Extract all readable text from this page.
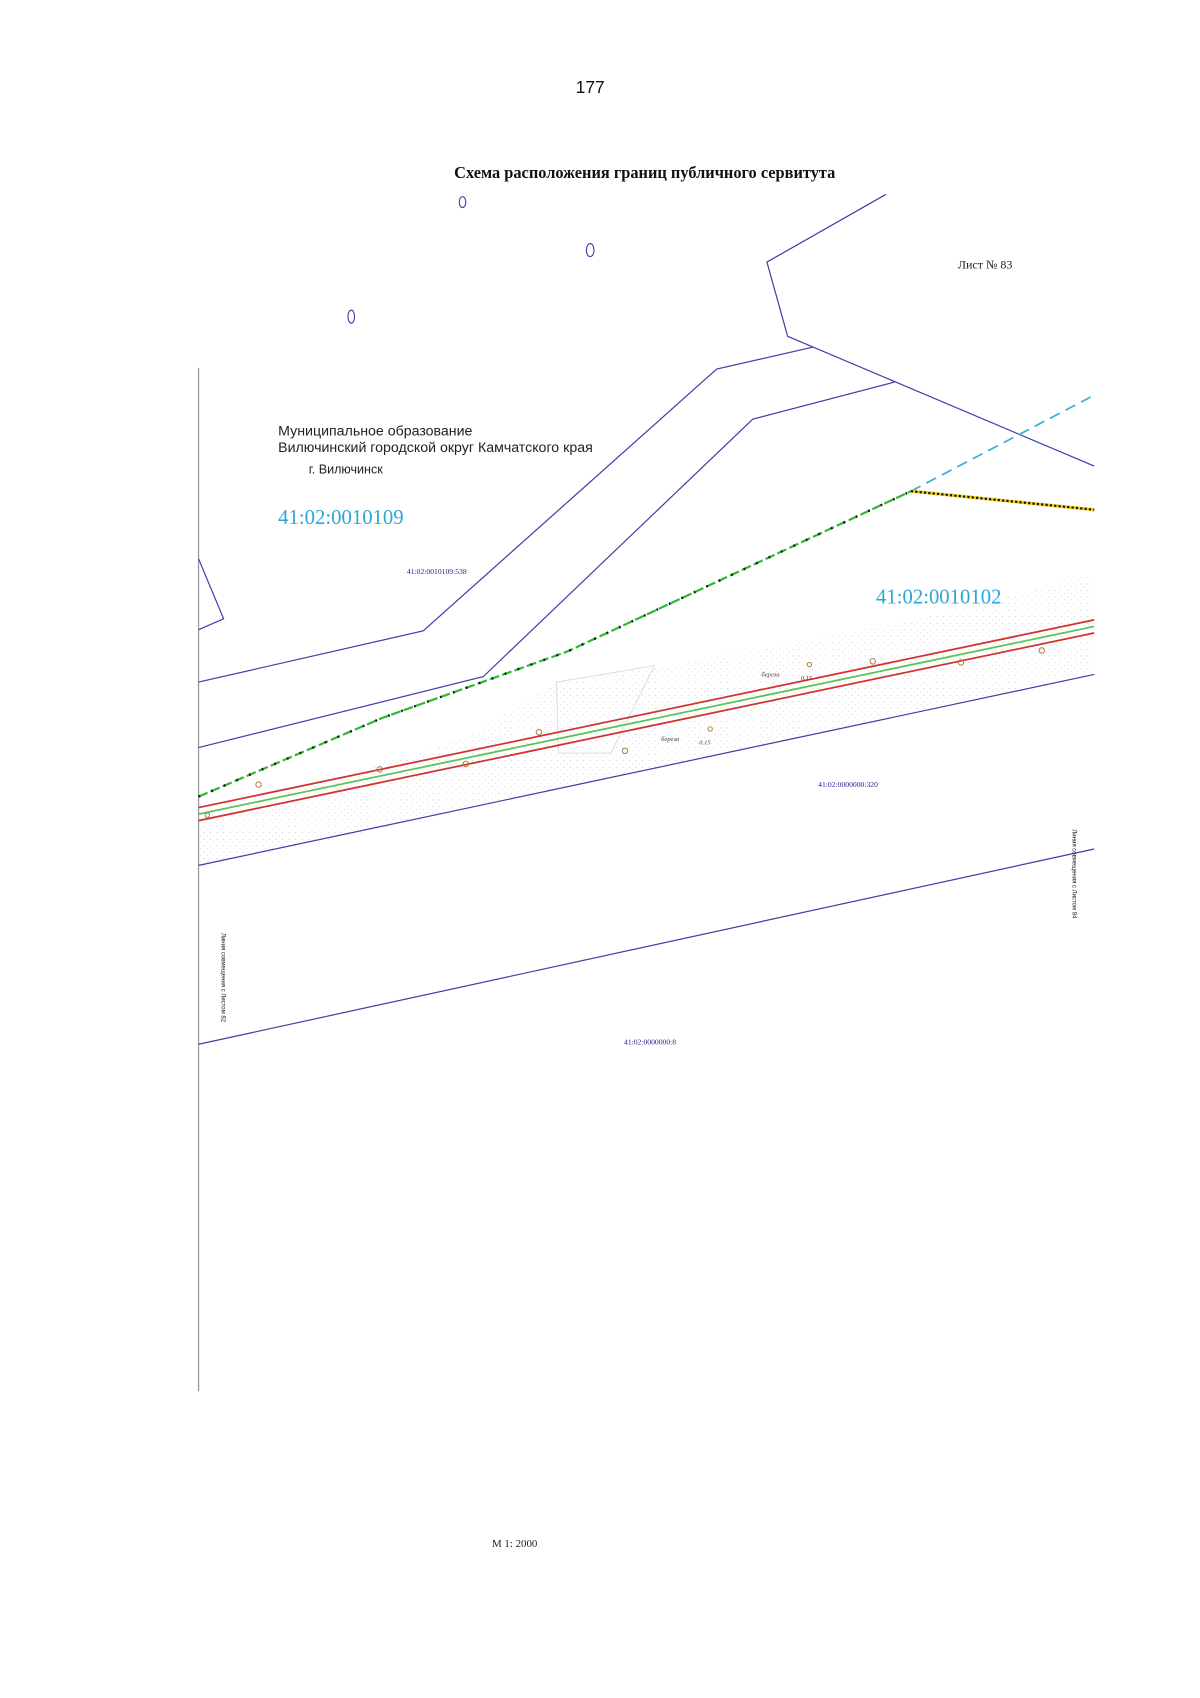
177
Схема расположения границ публичного сервитута
Лист № 83
береза	0.15
береза	0.15
Муниципальное образование
Вилючинский городской округ Камчатского края
г. Вилючинск
41:02:0010109
41:02:0010109:538
41:02:0010102
41:02:0000000:320
41:02:0000000:8
Линия совмещения с Листом 82
Линия совмещения с Листом 84
М 1: 2000
